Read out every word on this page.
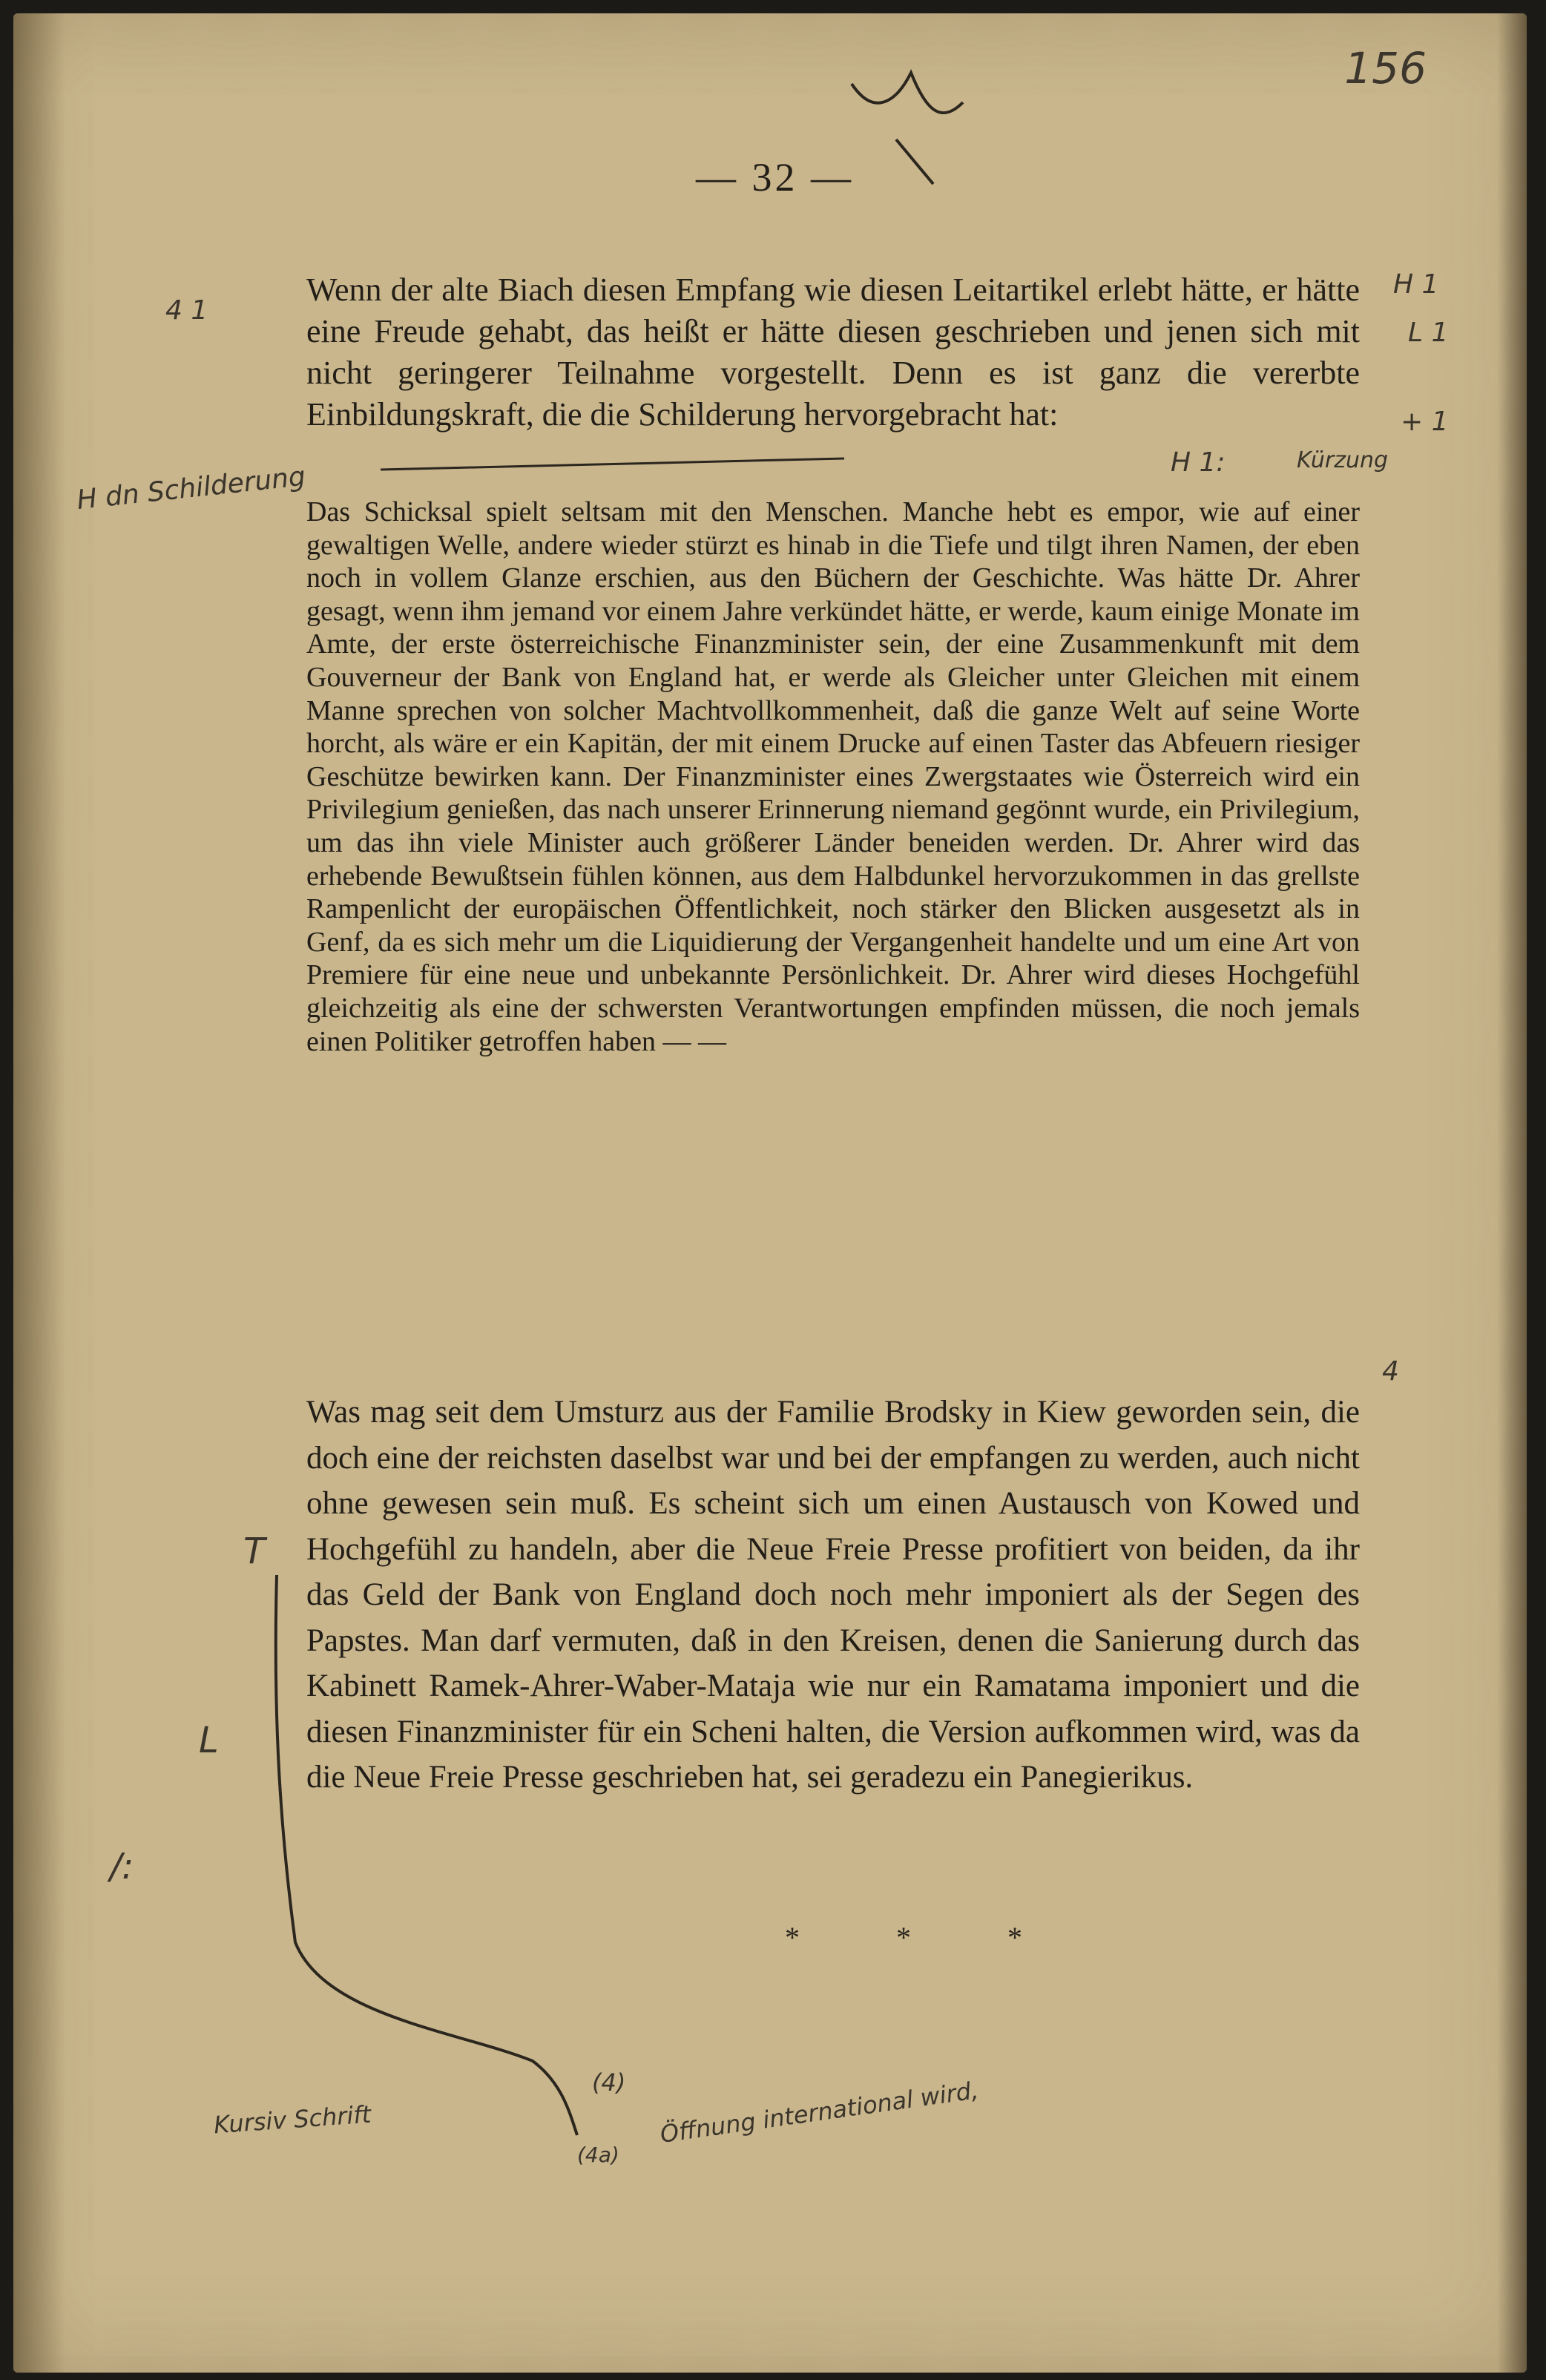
156
— 32 —

Wenn der alte Biach diesen Empfang wie diesen Leitartikel erlebt hätte, er hätte eine Freude gehabt, das heißt er hätte diesen geschrieben und jenen sich mit nicht geringerer Teilnahme vorgestellt. Denn es ist ganz die vererbte Einbildungskraft, die die Schilderung hervorgebracht hat:

Das Schicksal spielt seltsam mit den Menschen. Manche hebt es empor, wie auf einer gewaltigen Welle, andere wieder stürzt es hinab in die Tiefe und tilgt ihren Namen, der eben noch in vollem Glanze erschien, aus den Büchern der Geschichte. Was hätte Dr. Ahrer gesagt, wenn ihm jemand vor einem Jahre verkündet hätte, er werde, kaum einige Monate im Amte, der erste österreichische Finanzminister sein, der eine Zusammenkunft mit dem Gouverneur der Bank von England hat, er werde als Gleicher unter Gleichen mit einem Manne sprechen von solcher Machtvollkommenheit, daß die ganze Welt auf seine Worte horcht, als wäre er ein Kapitän, der mit einem Drucke auf einen Taster das Abfeuern riesiger Geschütze bewirken kann. Der Finanzminister eines Zwergstaates wie Österreich wird ein Privilegium genießen, das nach unserer Erinnerung niemand gegönnt wurde, ein Privilegium, um das ihn viele Minister auch größerer Länder beneiden werden. Dr. Ahrer wird das erhebende Bewußtsein fühlen können, aus dem Halbdunkel hervorzukommen in das grellste Rampenlicht der europäischen Öffentlichkeit, noch stärker den Blicken ausgesetzt als in Genf, da es sich mehr um die Liquidierung der Vergangenheit handelte und um eine Art von Premiere für eine neue und unbekannte Persönlichkeit. Dr. Ahrer wird dieses Hochgefühl gleichzeitig als eine der schwersten Verantwortungen empfinden müssen, die noch jemals einen Politiker getroffen haben — —

Was mag seit dem Umsturz aus der Familie Brodsky in Kiew geworden sein, die doch eine der reichsten daselbst war und bei der empfangen zu werden, auch nicht ohne gewesen sein muß. Es scheint sich um einen Austausch von Kowed und Hochgefühl zu handeln, aber die Neue Freie Presse profitiert von beiden, da ihr das Geld der Bank von England doch noch mehr imponiert als der Segen des Papstes. Man darf vermuten, daß in den Kreisen, denen die Sanierung durch das Kabinett Ramek-Ahrer-Waber-Mataja wie nur ein Ramatama imponiert und die diesen Finanzminister für ein Scheni halten, die Version aufkommen wird, was da die Neue Freie Presse geschrieben hat, sei geradezu ein Panegierikus.

* * *
4 1
H dn Schilderung
H 1
L 1
+ 1
H 1:	Kürzung
4
T
L
/:
Kursiv Schrift
(4) Öffnung international wird,
(4a)
